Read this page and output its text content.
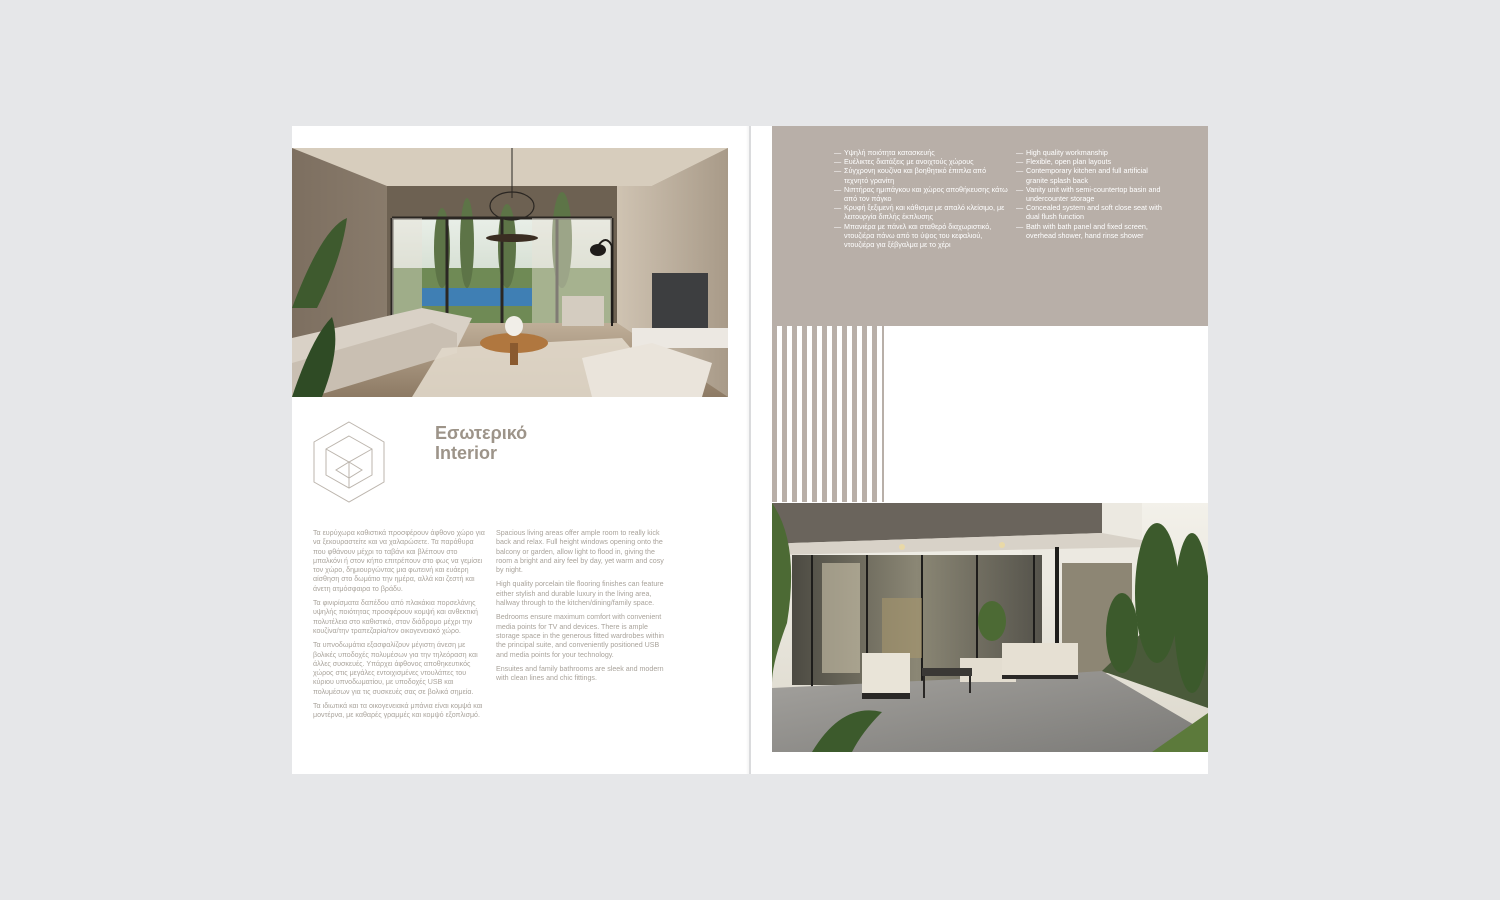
Εσωτερικό
Interior

Τα ευρύχωρα καθιστικά προσφέρουν άφθονο χώρο για να ξεκουραστείτε και να χαλαρώσετε. Τα παράθυρα που φθάνουν μέχρι το ταβάνι και βλέπουν στο μπαλκόνι ή στον κήπο επιτρέπουν στο φως να γεμίσει τον χώρο, δημιουργώντας μια φωτεινή και ευάερη αίσθηση στο δωμάτιο την ημέρα, αλλά και ζεστή και άνετη ατμόσφαιρα το βράδυ.

Τα φινιρίσματα δαπέδου από πλακάκια πορσελάνης υψηλής ποιότητας προσφέρουν κομψή και ανθεκτική πολυτέλεια στο καθιστικό, στον διάδρομο μέχρι την κουζίνα/την τραπεζαρία/τον οικογενειακό χώρο.

Τα υπνοδωμάτια εξασφαλίζουν μέγιστη άνεση με βολικές υποδοχές πολυμέσων για την τηλεόραση και άλλες συσκευές. Υπάρχει άφθονος αποθηκευτικός χώρος στις μεγάλες εντοιχισμένες ντουλάπες του κύριου υπνοδωματίου, με υποδοχές USB και πολυμέσων για τις συσκευές σας σε βολικά σημεία.

Τα ιδιωτικά και τα οικογενειακά μπάνια είναι κομψά και μοντέρνα, με καθαρές γραμμές και κομψό εξοπλισμό.

Spacious living areas offer ample room to really kick back and relax. Full height windows opening onto the balcony or garden, allow light to flood in, giving the room a bright and airy feel by day, yet warm and cosy by night.

High quality porcelain tile flooring finishes can feature either stylish and durable luxury in the living area, hallway through to the kitchen/dining/family space.

Bedrooms ensure maximum comfort with convenient media points for TV and devices. There is ample storage space in the generous fitted wardrobes within the principal suite, and conveniently positioned USB and media points for your technology.

Ensuites and family bathrooms are sleek and modern with clean lines and chic fittings.

— Υψηλή ποιότητα κατασκευής
— Ευέλικτες διατάξεις με ανοιχτούς χώρους
— Σύγχρονη κουζίνα και βοηθητικό έπιπλα από τεχνητό γρανίτη
— Νιπτήρας ημιπάγκου και χώρος αποθήκευσης κάτω από τον πάγκο
— Κρυφή ξεξιμενή και κάθισμα με απαλό κλείσιμο, με λειτουργία διπλής έκπλυσης
— Μπανιέρα με πάνελ και σταθερό διαχωριστικό, ντουζιέρα πάνω από το ύψος του κεφαλιού, ντουζιέρα για ξέβγαλμα με το χέρι
— High quality workmanship
— Flexible, open plan layouts
— Contemporary kitchen and full artificial granite splash back
— Vanity unit with semi-countertop basin and undercounter storage
— Concealed system and soft close seat with dual flush function
— Bath with bath panel and fixed screen, overhead shower, hand rinse shower
